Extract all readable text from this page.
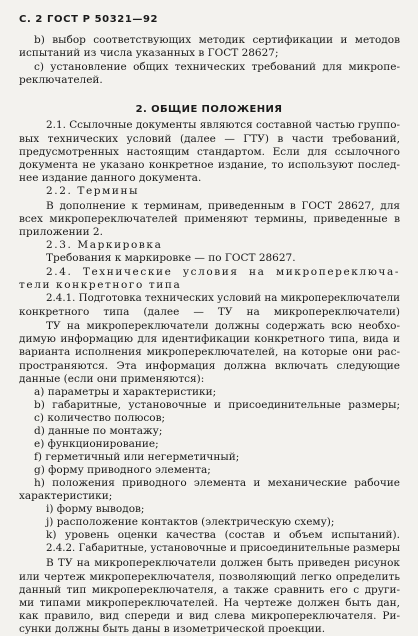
С. 2 ГОСТ Р 50321—92
b) выбор соответствующих методик сертификации и методов
испытаний из числа указанных в ГОСТ 28627;
c) установление общих технических требований для микропе-
реключателей.
2. ОБЩИЕ ПОЛОЖЕНИЯ
2.1. Ссылочные документы являются составной частью группо-
вых технических условий (далее — ГТУ) в части требований,
предусмотренных настоящим стандартом. Если для ссылочного
документа не указано конкретное издание, то используют послед-
нее издание данного документа.
2.2. Термины
В дополнение к терминам, приведенным в ГОСТ 28627, для
всех микропереключателей применяют термины, приведенные в
приложении 2.
2.3. Маркировка
Требования к маркировке — по ГОСТ 28627.
2.4. Технические условия на микропереключа-
тели конкретного типа
2.4.1. Подготовка технических условий на микропереключатели
конкретного типа (далее — ТУ на микропереключатели)
ТУ на микропереключатели должны содержать всю необхо-
димую информацию для идентификации конкретного типа, вида и
варианта исполнения микропереключателей, на которые они рас-
пространяются. Эта информация должна включать следующие
данные (если они применяются):
a) параметры и характеристики;
b) габаритные, установочные и присоединительные размеры;
c) количество полюсов;
d) данные по монтажу;
e) функционирование;
f) герметичный или негерметичный;
g) форму приводного элемента;
h) положения приводного элемента и механические рабочие
характеристики;
i) форму выводов;
j) расположение контактов (электрическую схему);
k) уровень оценки качества (состав и объем испытаний).
2.4.2. Габаритные, установочные и присоединительные размеры
В ТУ на микропереключатели должен быть приведен рисунок
или чертеж микропереключателя, позволяющий легко определить
данный тип микропереключателя, а также сравнить его с други-
ми типами микропереключателей. На чертеже должен быть дан,
как правило, вид спереди и вид слева микропереключателя. Ри-
сунки должны быть даны в изометрической проекции.
